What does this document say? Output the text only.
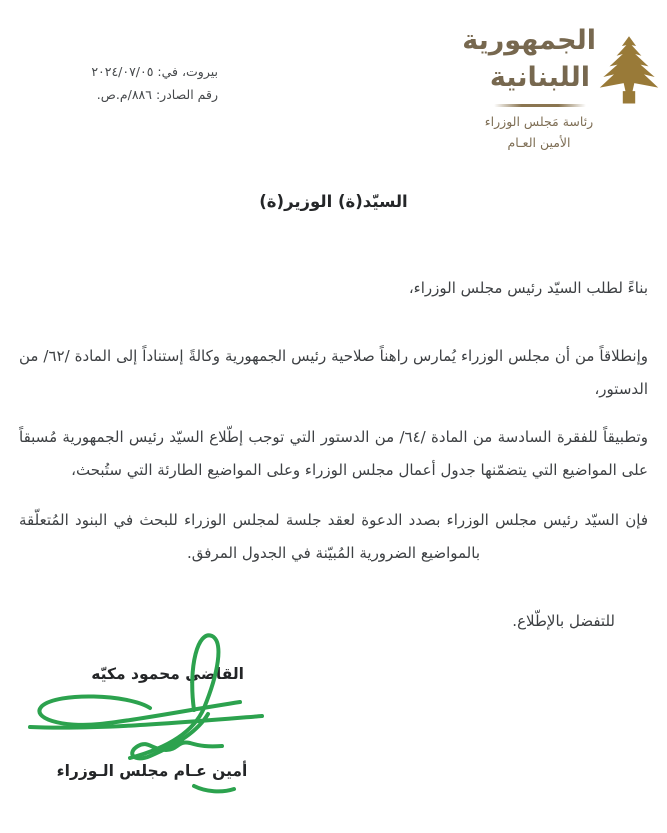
بيروت، في: ٢٠٢٤/٠٧/٠٥
رقم الصادر: ٨٨٦/م.ص.
الجمهورية
اللبنانية
رئاسة مَجلس الوزراء
الأمين العـام
السيّد(ة) الوزير(ة)

بناءً لطلب السيّد رئيس مجلس الوزراء،

وإنطلاقاً من أن مجلس الوزراء يُمارس راهناً صلاحية رئيس الجمهورية وكالةً إستناداً إلى المادة /٦٢/ من الدستور،

وتطبيقاً للفقرة السادسة من المادة /٦٤/ من الدستور التي توجب إطّلاع السيّد رئيس الجمهورية مُسبقاً على المواضيع التي يتضمّنها جدول أعمال مجلس الوزراء وعلى المواضيع الطارئة التي ستُبحث،

فإن السيّد رئيس مجلس الوزراء بصدد الدعوة لعقد جلسة لمجلس الوزراء للبحث في البنود المُتعلّقة بالمواضيع الضرورية المُبيّنة في الجدول المرفق.

للتفضل بالإطّلاع.
القاضي محمود مكيّه
أمين عـام مجلس الـوزراء
